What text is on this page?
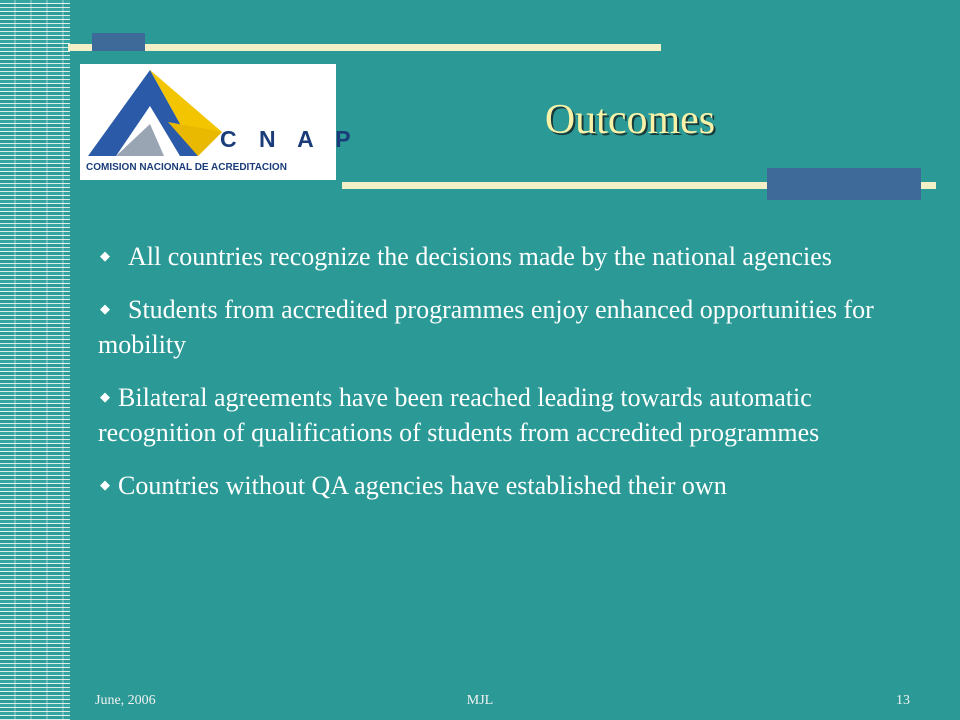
C N A P
COMISION NACIONAL DE ACREDITACION
Outcomes
◆ All countries recognize the decisions made by the national agencies
◆ Students from accredited programmes enjoy enhanced opportunities for mobility
◆ Bilateral agreements have been reached leading towards automatic recognition of qualifications of students from accredited programmes
◆ Countries without QA agencies have established their own
June, 2006	MJL	13
